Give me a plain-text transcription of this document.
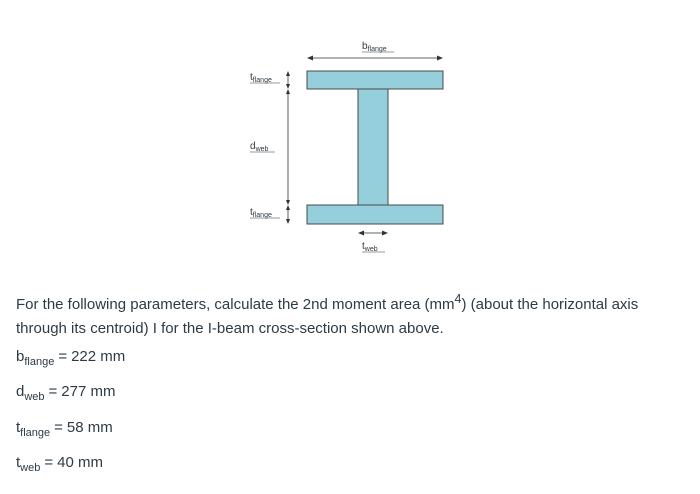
$b_{flange}$
$t_{flange}$
$d_{web}$
$t_{flange}$
$t_{web}$

For the following parameters, calculate the 2nd moment area $(mm^4)$ (about the horizontal axis through its centroid) I for the I-beam cross-section shown above.

$b_{flange} = 222$ mm

$d_{web} = 277$ mm

$t_{flange} = 58$ mm

$t_{web} = 40$ mm
